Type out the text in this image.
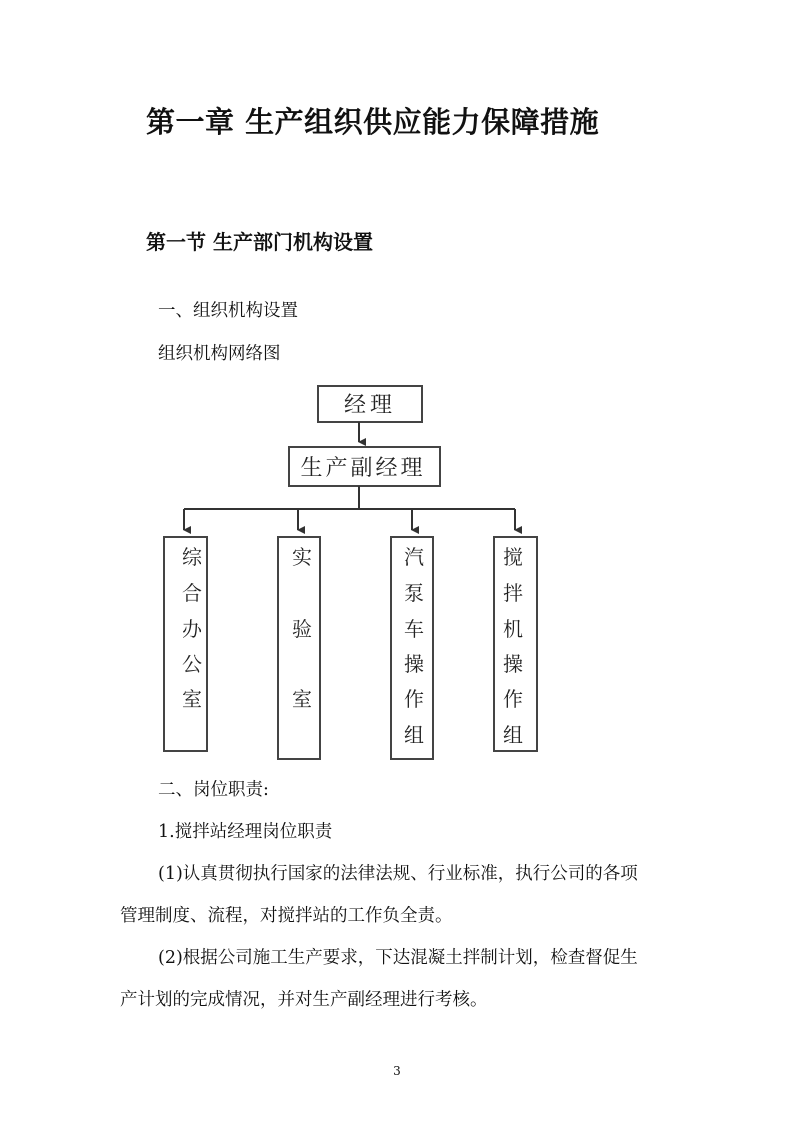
第一章 生产组织供应能力保障措施
第一节 生产部门机构设置
一、组织机构设置
组织机构网络图
经理
生产副经理
综
合
办
公
室
实
验
室
汽
泵
车
操
作
组
搅
拌
机
操
作
组
二、岗位职责:
1.搅拌站经理岗位职责
(1)认真贯彻执行国家的法律法规、行业标准，执行公司的各项
管理制度、流程，对搅拌站的工作负全责。
(2)根据公司施工生产要求，下达混凝土拌制计划，检查督促生
产计划的完成情况，并对生产副经理进行考核。
3
